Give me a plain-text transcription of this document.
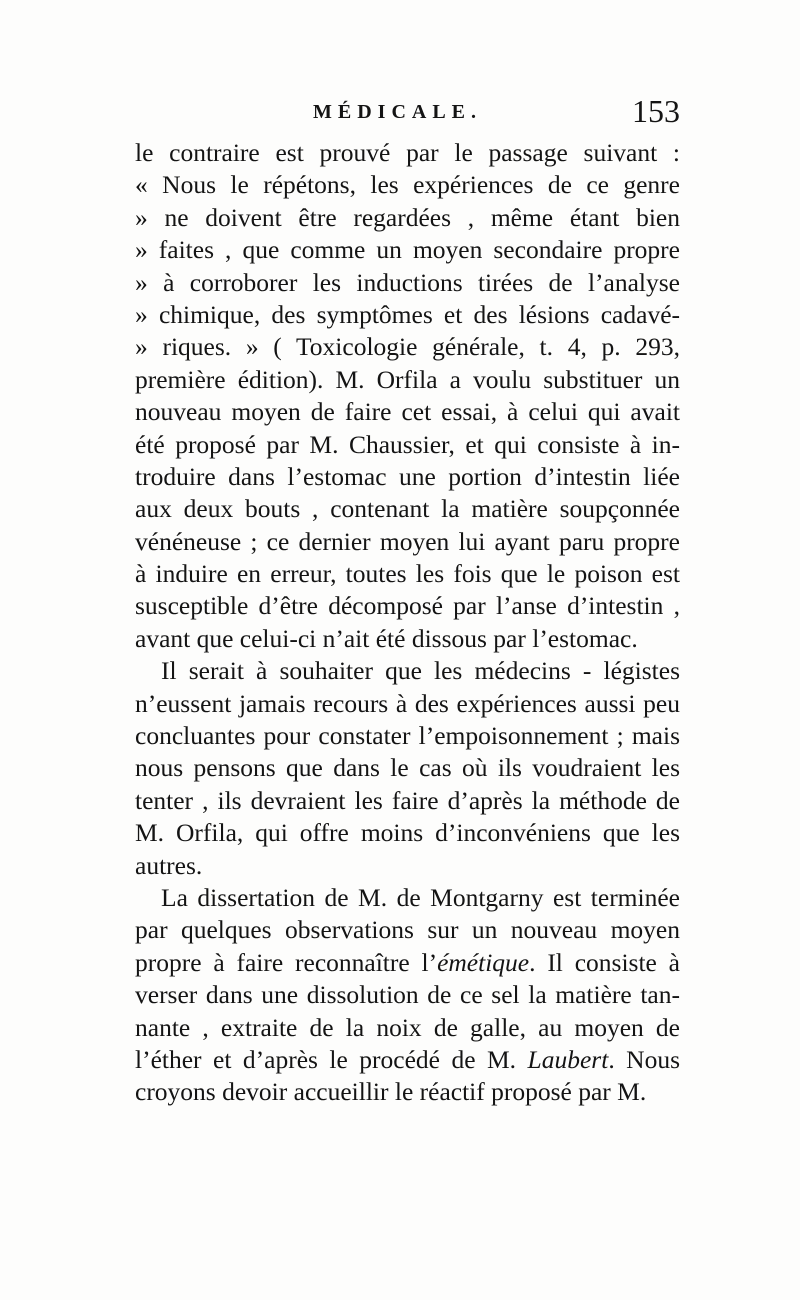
MÉDICALE.	153
le contraire est prouvé par le passage suivant :
« Nous le répétons, les expériences de ce genre
» ne doivent être regardées , même étant bien
» faites , que comme un moyen secondaire propre
» à corroborer les inductions tirées de l’analyse
» chimique, des symptômes et des lésions cadavé-
» riques. » ( Toxicologie générale, t. 4, p. 293,
première édition). M. Orfila a voulu substituer un
nouveau moyen de faire cet essai, à celui qui avait
été proposé par M. Chaussier, et qui consiste à in-
troduire dans l’estomac une portion d’intestin liée
aux deux bouts , contenant la matière soupçonnée
vénéneuse ; ce dernier moyen lui ayant paru propre
à induire en erreur, toutes les fois que le poison est
susceptible d’être décomposé par l’anse d’intestin ,
avant que celui-ci n’ait été dissous par l’estomac.
Il serait à souhaiter que les médecins - légistes
n’eussent jamais recours à des expériences aussi peu
concluantes pour constater l’empoisonnement ; mais
nous pensons que dans le cas où ils voudraient les
tenter , ils devraient les faire d’après la méthode de
M. Orfila, qui offre moins d’inconvéniens que les
autres.
La dissertation de M. de Montgarny est terminée
par quelques observations sur un nouveau moyen
propre à faire reconnaître l’émétique. Il consiste à
verser dans une dissolution de ce sel la matière tan-
nante , extraite de la noix de galle, au moyen de
l’éther et d’après le procédé de M. Laubert. Nous
croyons devoir accueillir le réactif proposé par M.
